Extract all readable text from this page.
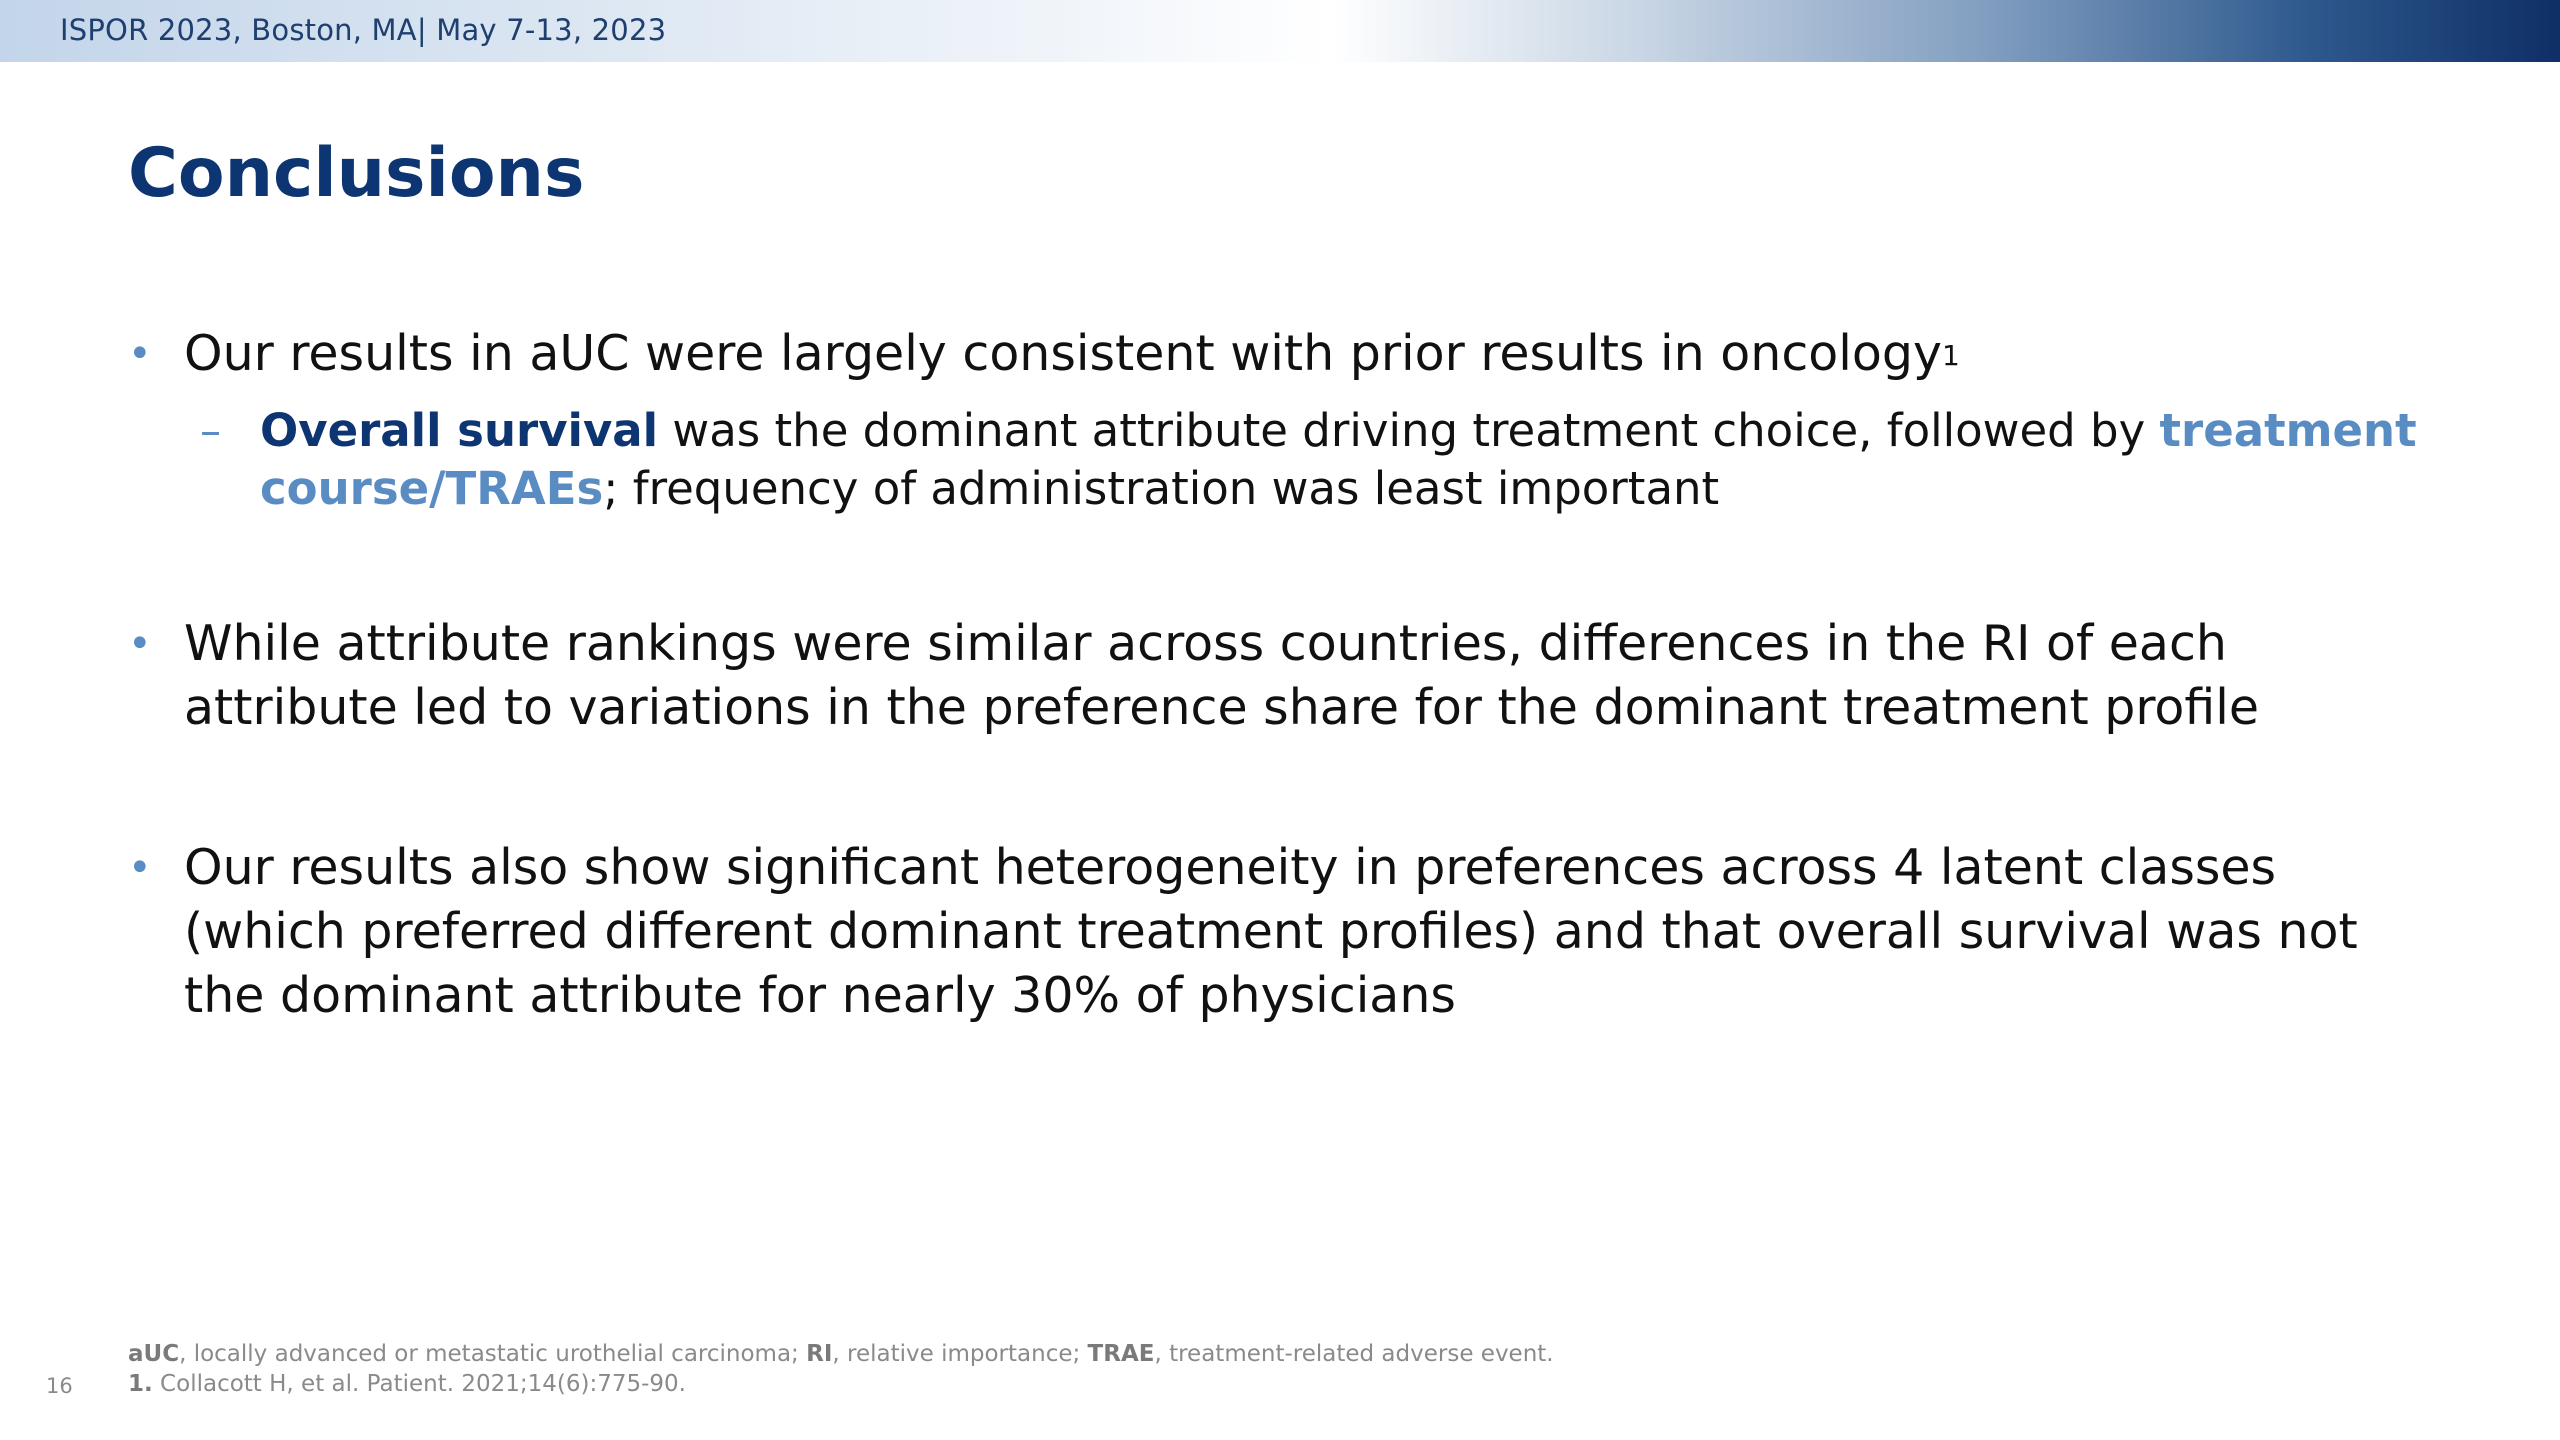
ISPOR 2023, Boston, MA| May 7-13, 2023
Conclusions
• Our results in aUC were largely consistent with prior results in oncology$^1$
– Overall survival was the dominant attribute driving treatment choice, followed by treatment course/TRAEs; frequency of administration was least important
• While attribute rankings were similar across countries, differences in the RI of each attribute led to variations in the preference share for the dominant treatment profile
• Our results also show significant heterogeneity in preferences across 4 latent classes (which preferred different dominant treatment profiles) and that overall survival was not the dominant attribute for nearly 30% of physicians
aUC, locally advanced or metastatic urothelial carcinoma; RI, relative importance; TRAE, treatment-related adverse event.
1. Collacott H, et al. Patient. 2021;14(6):775-90.
16
